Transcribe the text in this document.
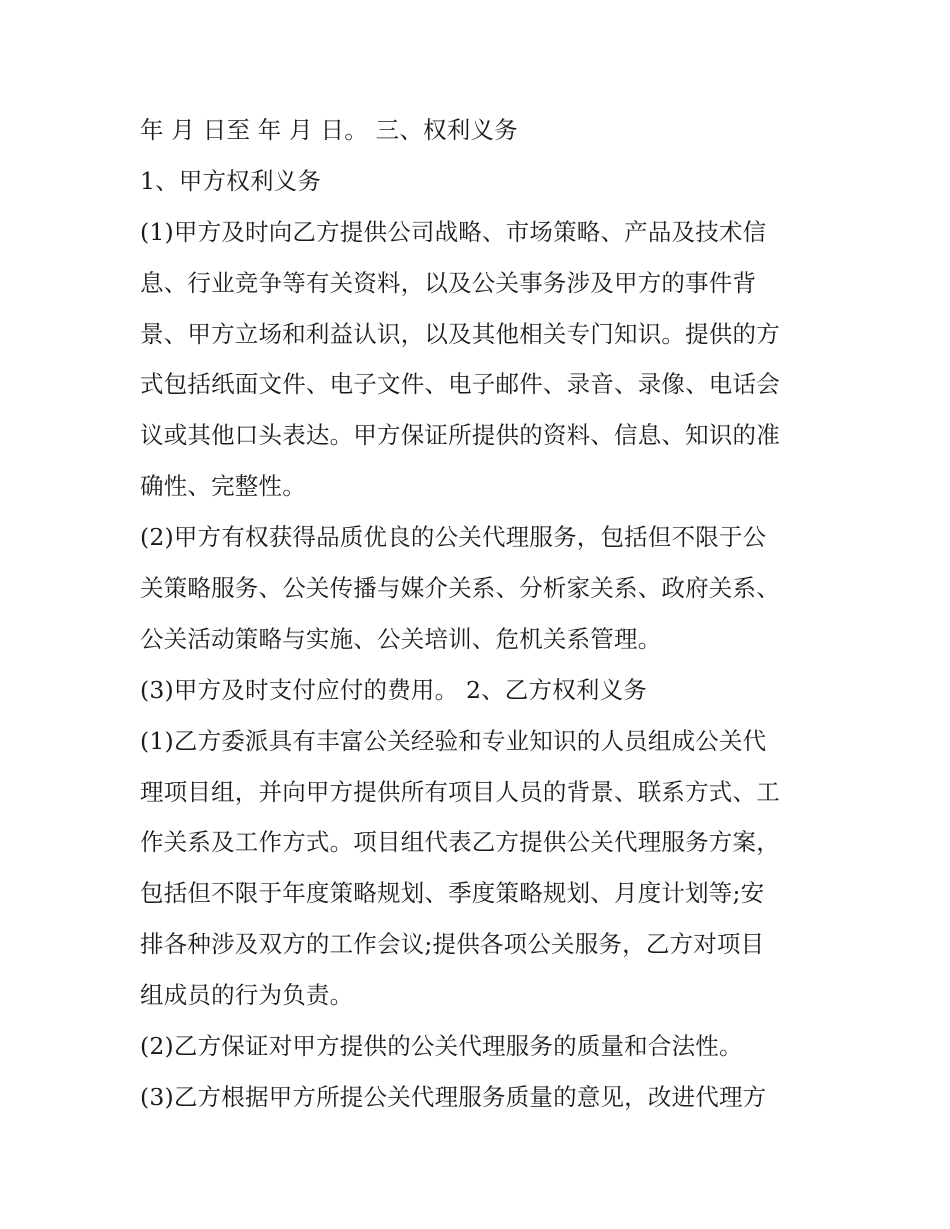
年 月 日至 年 月 日。 三、权利义务
1、甲方权利义务
(1)甲方及时向乙方提供公司战略、市场策略、产品及技术信
息、行业竞争等有关资料，以及公关事务涉及甲方的事件背
景、甲方立场和利益认识，以及其他相关专门知识。提供的方
式包括纸面文件、电子文件、电子邮件、录音、录像、电话会
议或其他口头表达。甲方保证所提供的资料、信息、知识的准
确性、完整性。
(2)甲方有权获得品质优良的公关代理服务，包括但不限于公
关策略服务、公关传播与媒介关系、分析家关系、政府关系、
公关活动策略与实施、公关培训、危机关系管理。
(3)甲方及时支付应付的费用。 2、乙方权利义务
(1)乙方委派具有丰富公关经验和专业知识的人员组成公关代
理项目组，并向甲方提供所有项目人员的背景、联系方式、工
作关系及工作方式。项目组代表乙方提供公关代理服务方案，
包括但不限于年度策略规划、季度策略规划、月度计划等;安
排各种涉及双方的工作会议;提供各项公关服务，乙方对项目
组成员的行为负责。
(2)乙方保证对甲方提供的公关代理服务的质量和合法性。
(3)乙方根据甲方所提公关代理服务质量的意见，改进代理方
